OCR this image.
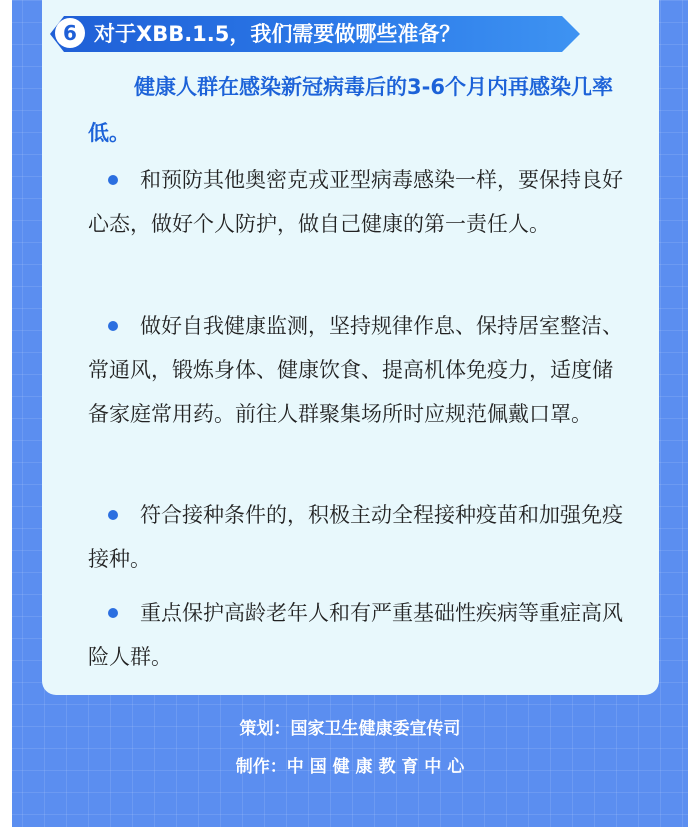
6 对于XBB.1.5，我们需要做哪些准备？
健康人群在感染新冠病毒后的3-6个月内再感染几率低。
和预防其他奥密克戎亚型病毒感染一样，要保持良好心态，做好个人防护，做自己健康的第一责任人。
做好自我健康监测，坚持规律作息、保持居室整洁、常通风，锻炼身体、健康饮食、提高机体免疫力，适度储备家庭常用药。前往人群聚集场所时应规范佩戴口罩。
符合接种条件的，积极主动全程接种疫苗和加强免疫接种。
重点保护高龄老年人和有严重基础性疾病等重症高风险人群。
策划：国家卫生健康委宣传司
制作：中 国 健 康 教 育 中 心
